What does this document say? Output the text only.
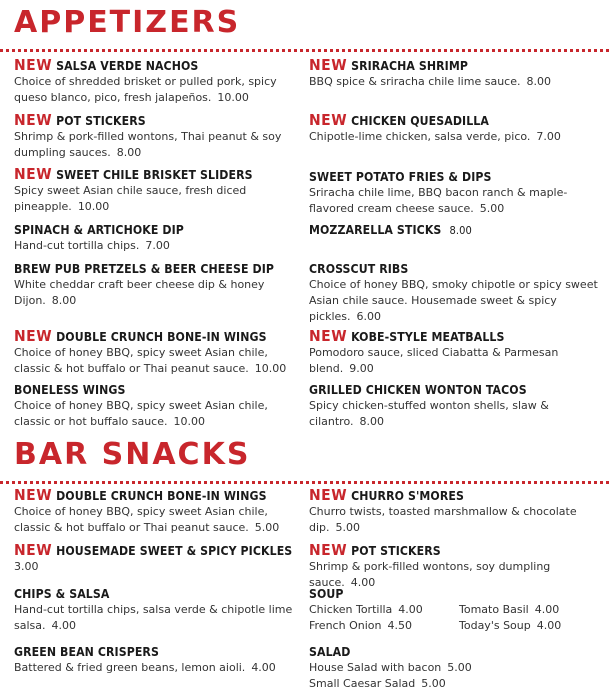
APPETIZERS
NEW SALSA VERDE NACHOS
Choice of shredded brisket or pulled pork, spicy queso blanco, pico, fresh jalapeños. 10.00
NEW POT STICKERS
Shrimp & pork-filled wontons, Thai peanut & soy dumpling sauces. 8.00
NEW SWEET CHILE BRISKET SLIDERS
Spicy sweet Asian chile sauce, fresh diced pineapple. 10.00
SPINACH & ARTICHOKE DIP
Hand-cut tortilla chips. 7.00
BREW PUB PRETZELS & BEER CHEESE DIP
White cheddar craft beer cheese dip & honey Dijon. 8.00
NEW DOUBLE CRUNCH BONE-IN WINGS
Choice of honey BBQ, spicy sweet Asian chile, classic & hot buffalo or Thai peanut sauce. 10.00
BONELESS WINGS
Choice of honey BBQ, spicy sweet Asian chile, classic or hot buffalo sauce. 10.00
NEW SRIRACHA SHRIMP
BBQ spice & sriracha chile lime sauce. 8.00
NEW CHICKEN QUESADILLA
Chipotle-lime chicken, salsa verde, pico. 7.00
SWEET POTATO FRIES & DIPS
Sriracha chile lime, BBQ bacon ranch & maple-flavored cream cheese sauce. 5.00
MOZZARELLA STICKS 8.00
CROSSCUT RIBS
Choice of honey BBQ, smoky chipotle or spicy sweet Asian chile sauce. Housemade sweet & spicy pickles. 6.00
NEW KOBE-STYLE MEATBALLS
Pomodoro sauce, sliced Ciabatta & Parmesan blend. 9.00
GRILLED CHICKEN WONTON TACOS
Spicy chicken-stuffed wonton shells, slaw & cilantro. 8.00
BAR SNACKS
NEW DOUBLE CRUNCH BONE-IN WINGS
Choice of honey BBQ, spicy sweet Asian chile, classic & hot buffalo or Thai peanut sauce. 5.00
NEW HOUSEMADE SWEET & SPICY PICKLES
3.00
CHIPS & SALSA
Hand-cut tortilla chips, salsa verde & chipotle lime salsa. 4.00
GREEN BEAN CRISPERS
Battered & fried green beans, lemon aioli. 4.00
NEW CHURRO S'MORES
Churro twists, toasted marshmallow & chocolate dip. 5.00
NEW POT STICKERS
Shrimp & pork-filled wontons, soy dumpling sauce. 4.00
SOUP
Chicken Tortilla 4.00	Tomato Basil 4.00
French Onion 4.50	Today's Soup 4.00
SALAD
House Salad with bacon 5.00
Small Caesar Salad 5.00
